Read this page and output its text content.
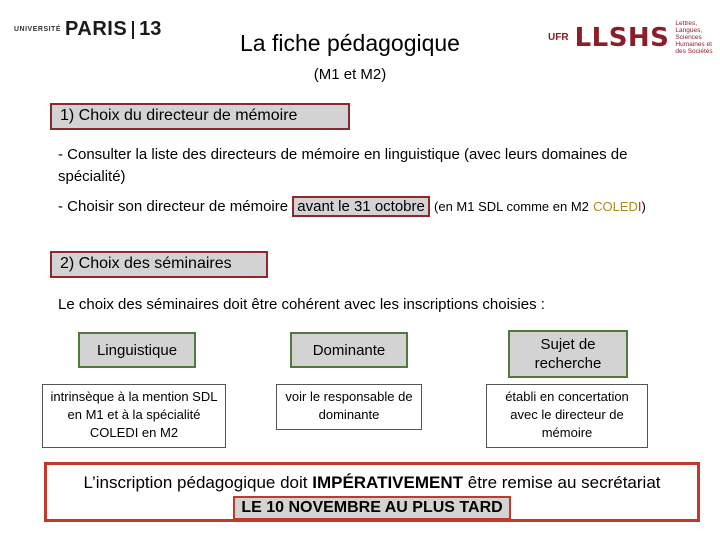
UNIVERSITÉ PARIS 13	UFR LLSHS Lettres, Langues, Sciences Humaines et des Sociétés
La fiche pédagogique
(M1 et M2)
1) Choix du directeur de mémoire
- Consulter la liste des directeurs de mémoire en linguistique (avec leurs domaines de spécialité)
- Choisir son directeur de mémoire avant le 31 octobre (en M1 SDL comme en M2 COLEDI)
2) Choix des séminaires
Le choix des séminaires doit être cohérent avec les inscriptions choisies :
Linguistique	Dominante	Sujet de recherche
intrinsèque à la mention SDL en M1 et à la spécialité COLEDI en M2
voir le responsable de dominante
établi en concertation avec le directeur de mémoire
L’inscription pédagogique doit IMPÉRATIVEMENT être remise au secrétariat
LE 10 NOVEMBRE AU PLUS TARD
